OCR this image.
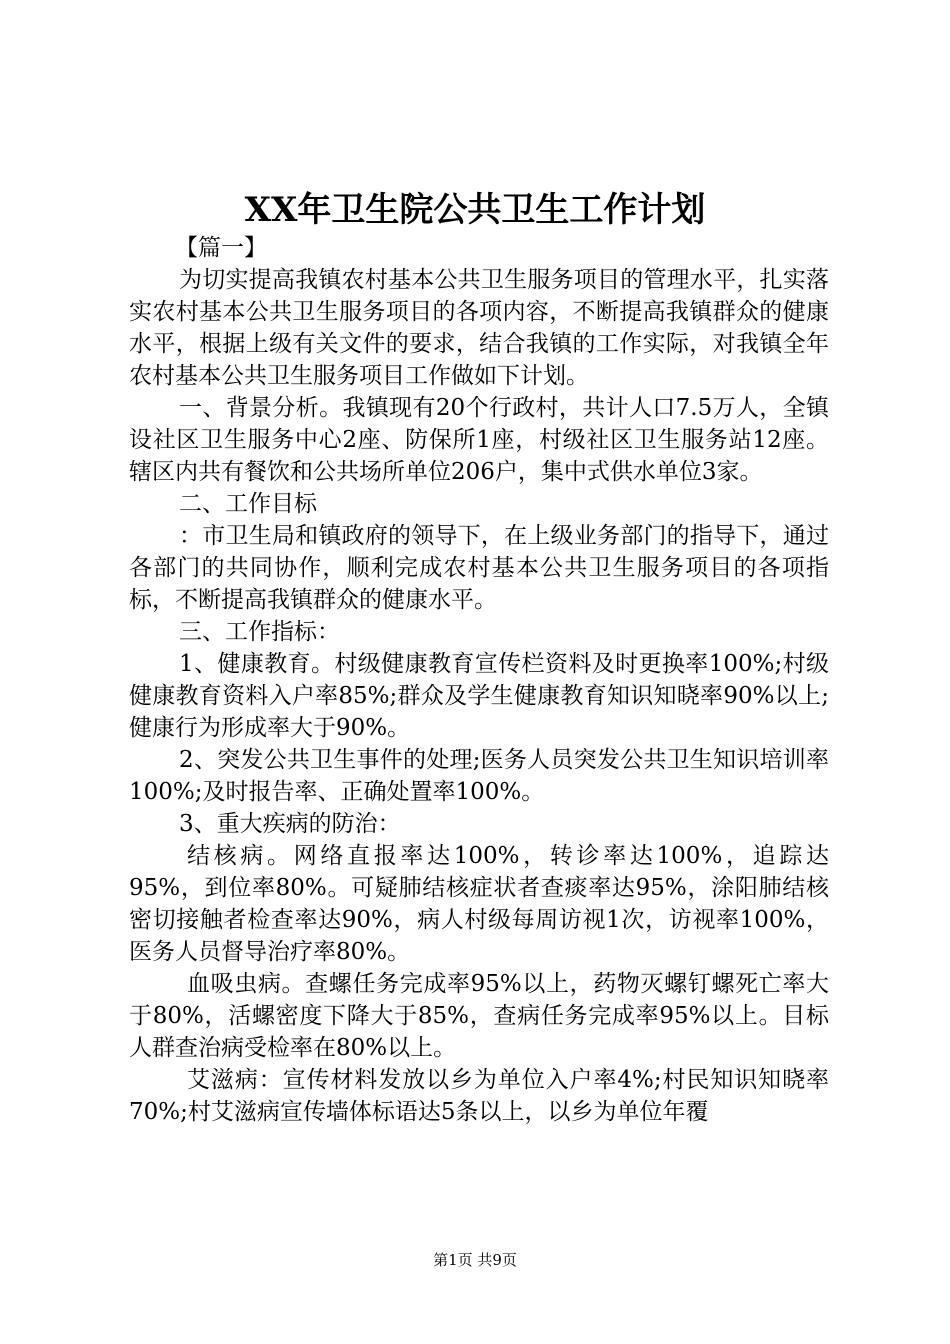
XX年卫生院公共卫生工作计划

【篇一】

为切实提高我镇农村基本公共卫生服务项目的管理水平，扎实落实农村基本公共卫生服务项目的各项内容，不断提高我镇群众的健康水平，根据上级有关文件的要求，结合我镇的工作实际，对我镇全年农村基本公共卫生服务项目工作做如下计划。

一、背景分析。我镇现有20个行政村，共计人口7.5万人，全镇设社区卫生服务中心2座、防保所1座，村级社区卫生服务站12座。辖区内共有餐饮和公共场所单位206户，集中式供水单位3家。

二、工作目标

：市卫生局和镇政府的领导下，在上级业务部门的指导下，通过各部门的共同协作，顺利完成农村基本公共卫生服务项目的各项指标，不断提高我镇群众的健康水平。

三、工作指标：

1、健康教育。村级健康教育宣传栏资料及时更换率100%;村级健康教育资料入户率85%;群众及学生健康教育知识知晓率90%以上;健康行为形成率大于90%。

2、突发公共卫生事件的处理;医务人员突发公共卫生知识培训率100%;及时报告率、正确处置率100%。

3、重大疾病的防治：

结核病。网络直报率达100%，转诊率达100%，追踪达95%，到位率80%。可疑肺结核症状者查痰率达95%，涂阳肺结核密切接触者检查率达90%，病人村级每周访视1次，访视率100%，医务人员督导治疗率80%。

血吸虫病。查螺任务完成率95%以上，药物灭螺钉螺死亡率大于80%，活螺密度下降大于85%，查病任务完成率95%以上。目标人群查治病受检率在80%以上。

艾滋病：宣传材料发放以乡为单位入户率4%;村民知识知晓率70%;村艾滋病宣传墙体标语达5条以上，以乡为单位年覆

第1页 共9页
